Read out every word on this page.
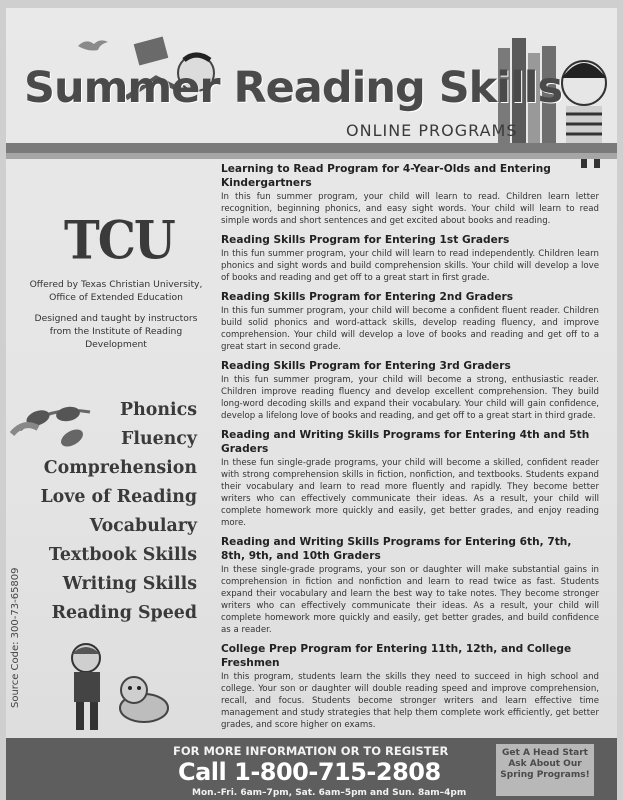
Summer Reading Skills
ONLINE PROGRAMS
TCU
Offered by Texas Christian University,
Office of Extended Education
Designed and taught by instructors
from the Institute of Reading
Development
Phonics
Fluency
Comprehension
Love of Reading
Vocabulary
Textbook Skills
Writing Skills
Reading Speed
Source Code: 300-73-65809
Learning to Read Program for 4-Year-Olds and Entering Kindergartners

In this fun summer program, your child will learn to read. Children learn letter recognition, beginning phonics, and easy sight words. Your child will learn to read simple words and short sentences and get excited about books and reading.

Reading Skills Program for Entering 1st Graders

In this fun summer program, your child will learn to read independently. Children learn phonics and sight words and build comprehension skills. Your child will develop a love of books and reading and get off to a great start in first grade.

Reading Skills Program for Entering 2nd Graders

In this fun summer program, your child will become a confident fluent reader. Children build solid phonics and word-attack skills, develop reading fluency, and improve comprehension. Your child will develop a love of books and reading and get off to a great start in second grade.

Reading Skills Program for Entering 3rd Graders

In this fun summer program, your child will become a strong, enthusiastic reader. Children improve reading fluency and develop excellent comprehension. They build long-word decoding skills and expand their vocabulary. Your child will gain confidence, develop a lifelong love of books and reading, and get off to a great start in third grade.

Reading and Writing Skills Programs for Entering 4th and 5th Graders

In these fun single-grade programs, your child will become a skilled, confident reader with strong comprehension skills in fiction, nonfiction, and textbooks. Students expand their vocabulary and learn to read more fluently and rapidly. They become better writers who can effectively communicate their ideas. As a result, your child will complete homework more quickly and easily, get better grades, and enjoy reading more.

Reading and Writing Skills Programs for Entering 6th, 7th, 8th, 9th, and 10th Graders

In these single-grade programs, your son or daughter will make substantial gains in comprehension in fiction and nonfiction and learn to read twice as fast. Students expand their vocabulary and learn the best way to take notes. They become stronger writers who can effectively communicate their ideas. As a result, your child will complete homework more quickly and easily, get better grades, and build confidence as a reader.

College Prep Program for Entering 11th, 12th, and College Freshmen

In this program, students learn the skills they need to succeed in high school and college. Your son or daughter will double reading speed and improve comprehension, recall, and focus. Students become stronger writers and learn effective time management and study strategies that help them complete work efficiently, get better grades, and score higher on exams.

FOR MORE INFORMATION OR TO REGISTER
Call 1-800-715-2808
Mon.-Fri. 6am–7pm, Sat. 6am–5pm and Sun. 8am–4pm
Get A Head Start
Ask About Our
Spring Programs!
